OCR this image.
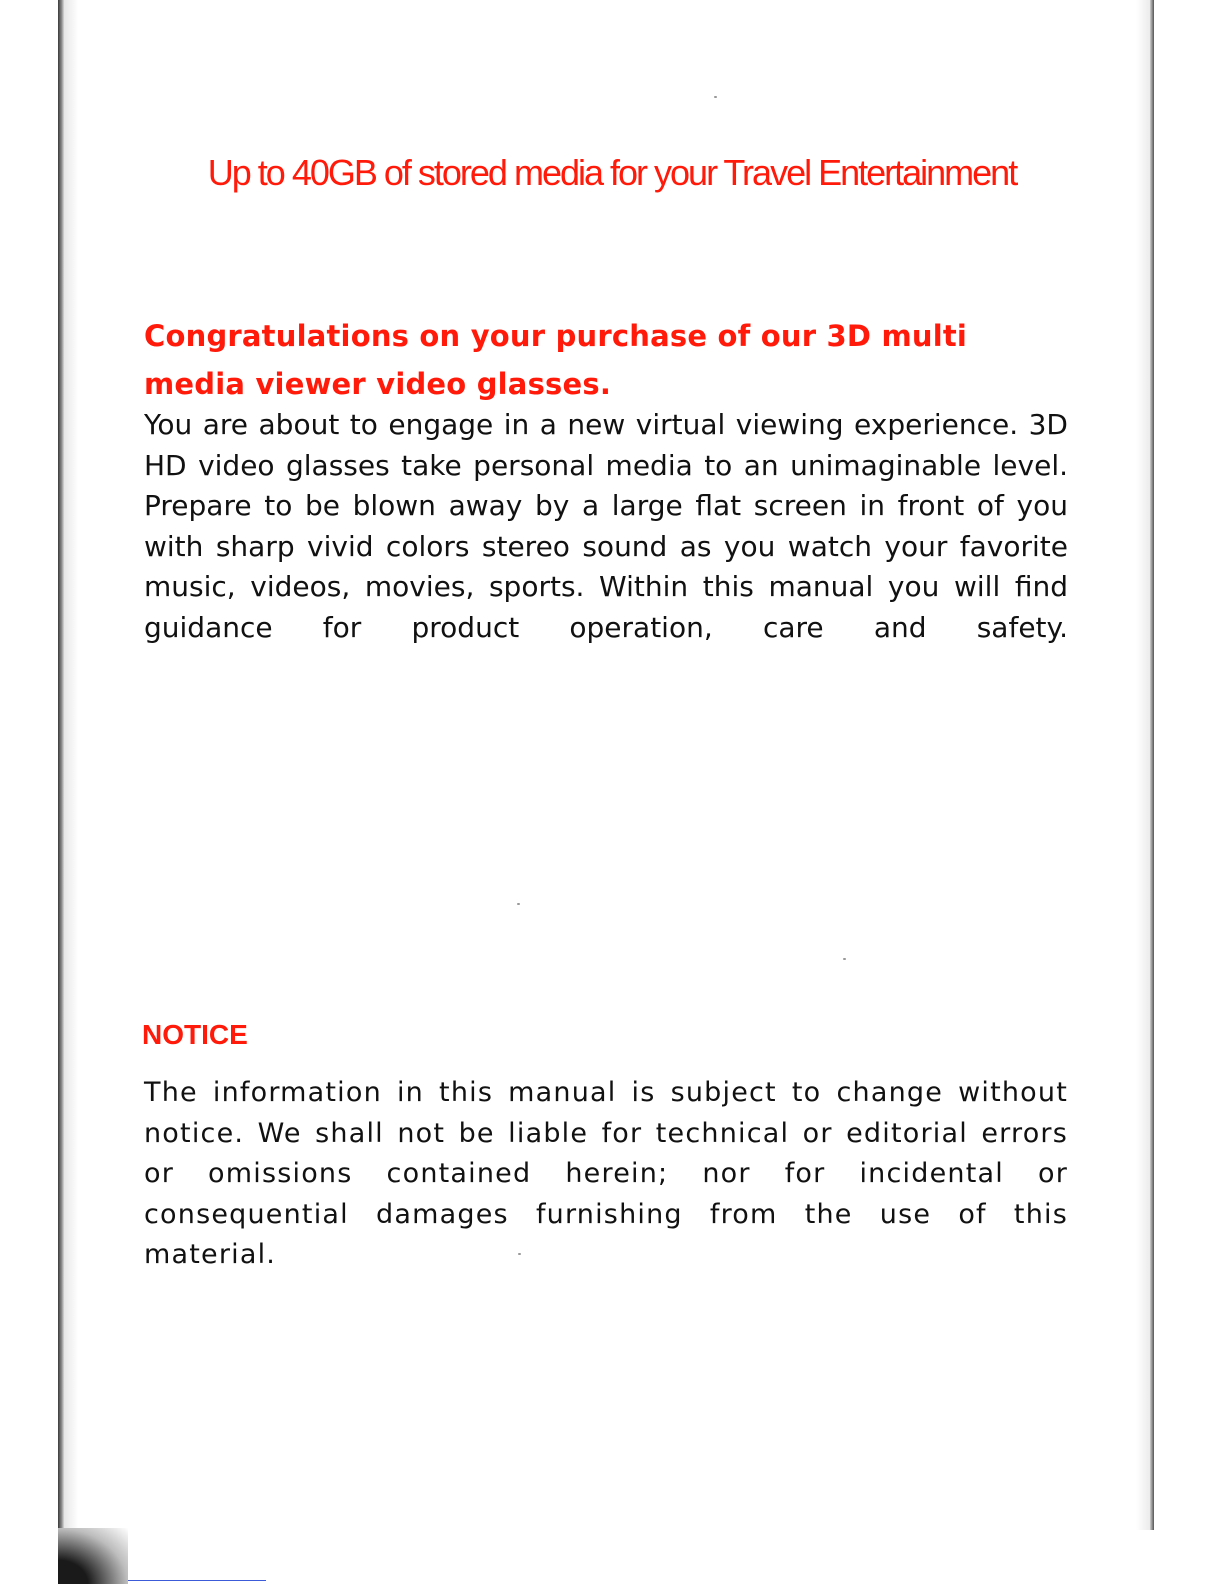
Up to 40GB of stored media for your Travel Entertainment
Congratulations on your purchase of our 3D multi media viewer video glasses.

You are about to engage in a new virtual viewing experience. 3D HD video glasses take personal media to an unimaginable level. Prepare to be blown away by a large flat screen in front of you with sharp vivid colors stereo sound as you watch your favorite music, videos, movies, sports. Within this manual you will find guidance for product operation, care and safety.

NOTICE

The information in this manual is subject to change without notice. We shall not be liable for technical or editorial errors or omissions contained herein; nor for incidental or consequential damages furnishing from the use of this material.
